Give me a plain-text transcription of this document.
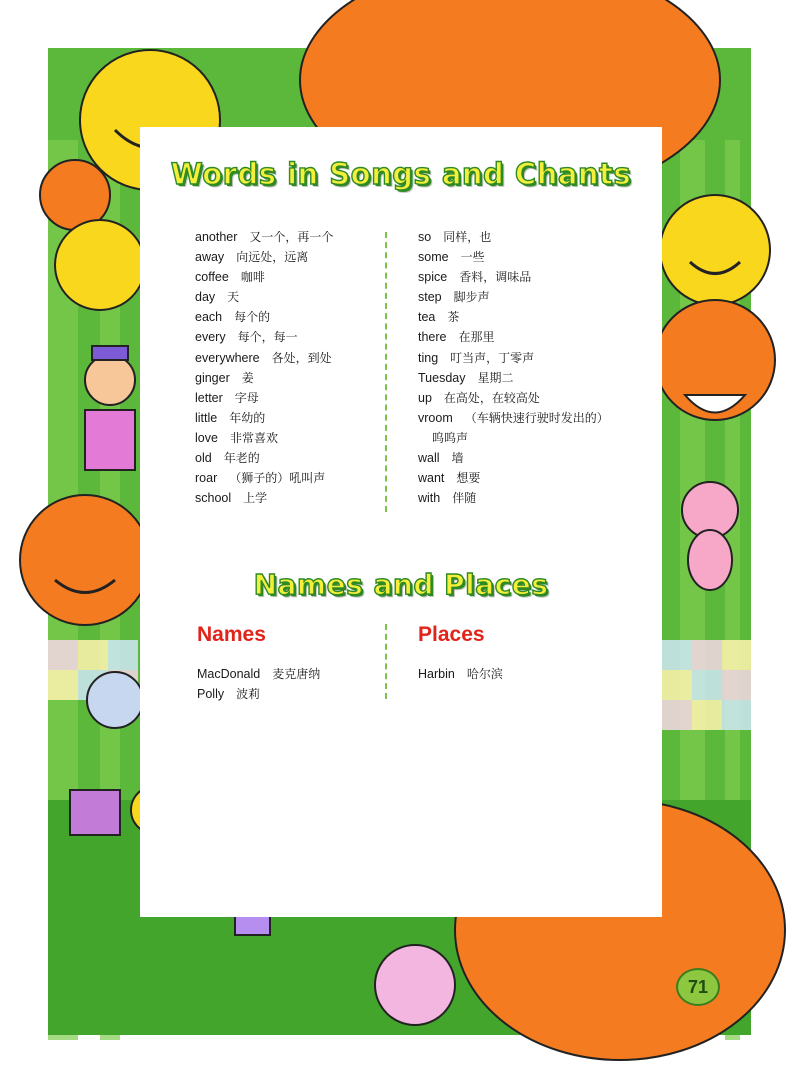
Words in Songs and Chants
another 又一个，再一个
away 向远处，远离
coffee 咖啡
day 天
each 每个的
every 每个，每一
everywhere 各处，到处
ginger 姜
letter 字母
little 年幼的
love 非常喜欢
old 年老的
roar （狮子的）吼叫声
school 上学
so 同样，也
some 一些
spice 香料，调味品
step 脚步声
tea 茶
there 在那里
ting 叮当声，丁零声
Tuesday 星期二
up 在高处，在较高处
vroom （车辆快速行驶时发出的）
呜呜声
wall 墙
want 想要
with 伴随
Names and Places
Names	Places
MacDonald 麦克唐纳
Polly 波莉
Harbin 哈尔滨
71
